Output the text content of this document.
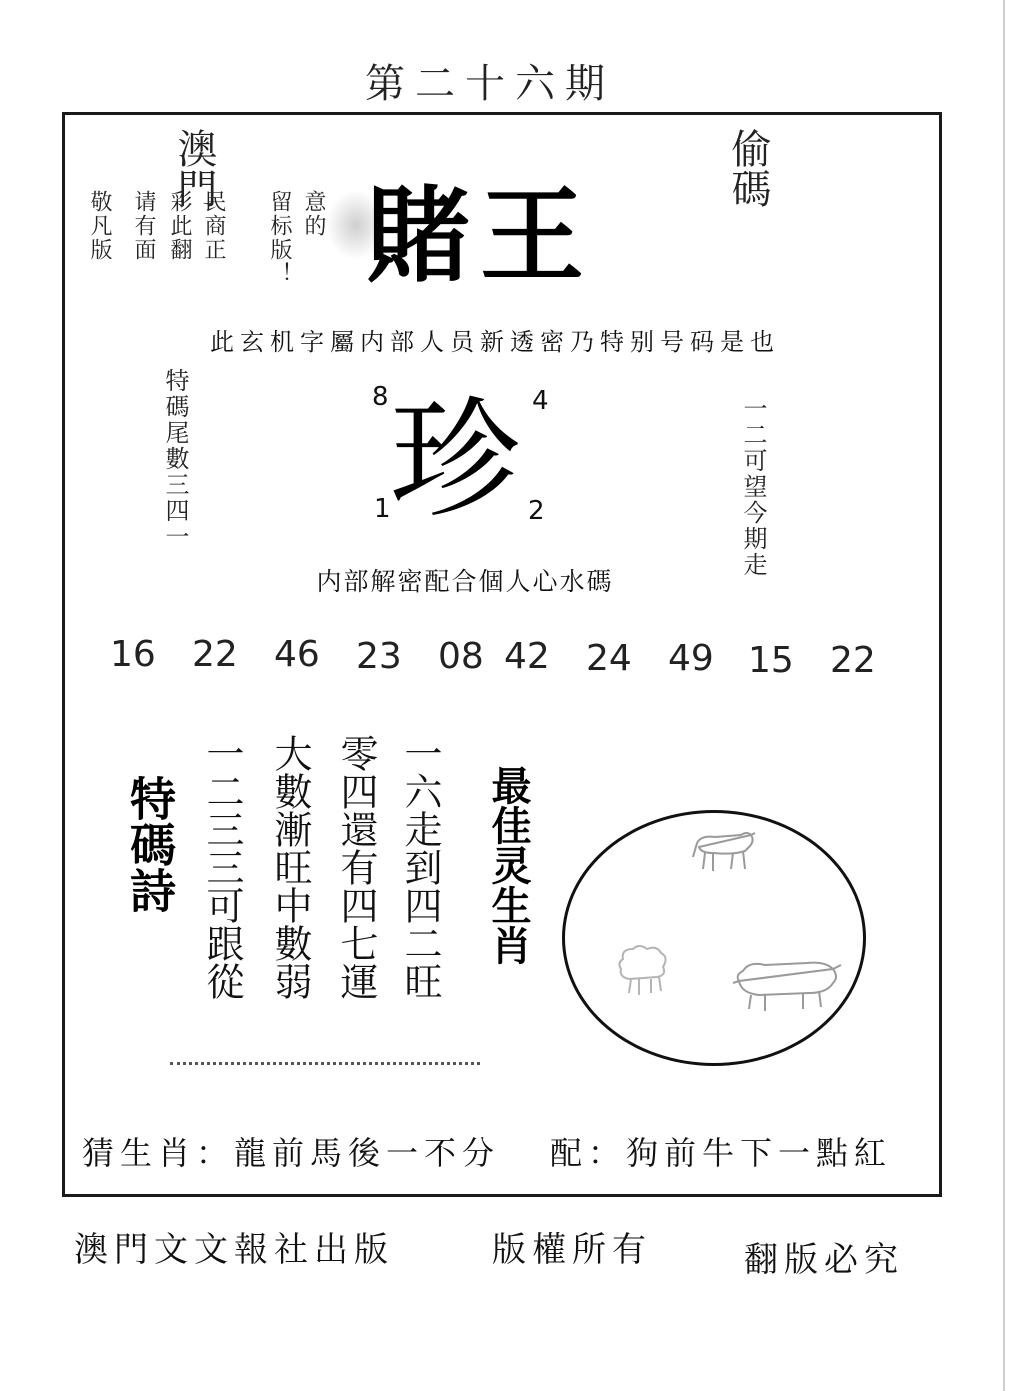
第二十六期
澳門	偷碼
賭王
意的
留标版！
民商正
彩此翻
请有面
敬凡版
此玄机字屬内部人员新透密乃特别号码是也
特碼尾數三四一	一二可望今期走
8	4
珍
1	2
内部解密配合個人心水碼
16 22 46 23 08 42 24 49 15 22
特碼詩	一六走到四二旺
零四還有四七運
大數漸旺中數弱
一二三三可跟從	最佳灵生肖
猜生肖：龍前馬後一不分 配：狗前牛下一點紅
澳門文文報社出版	版權所有	翻版必究
